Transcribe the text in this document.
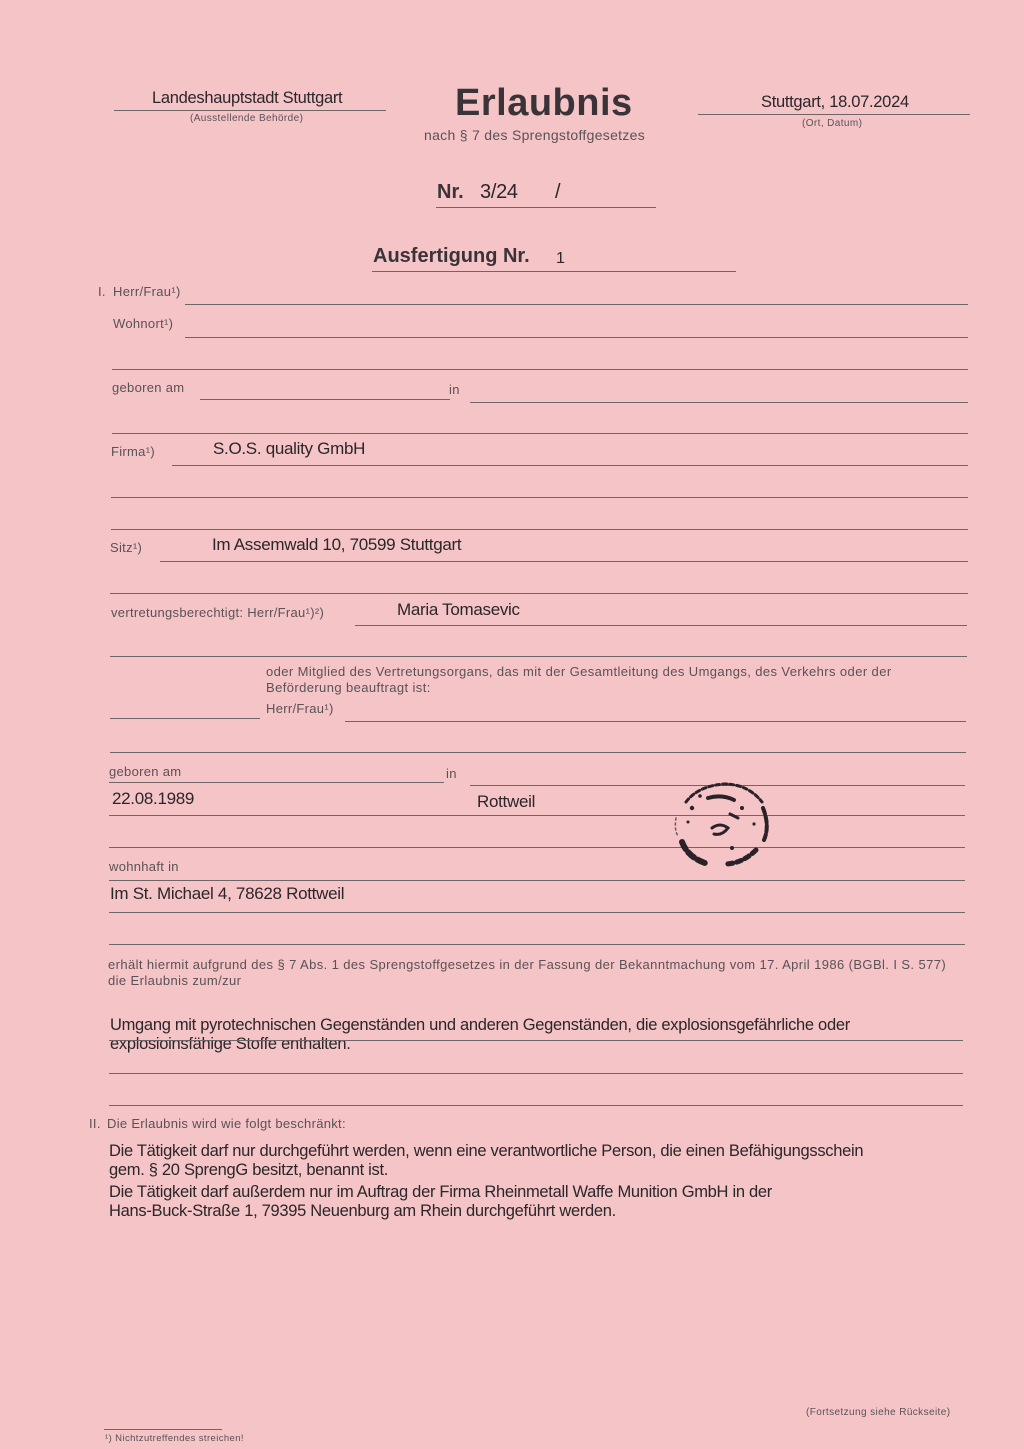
Landeshauptstadt Stuttgart
(Ausstellende Behörde)	Erlaubnis
nach § 7 des Sprengstoffgesetzes
Stuttgart, 18.07.2024
(Ort, Datum)
Nr. 3/24 /
Ausfertigung Nr. 1
I. Herr/Frau¹)
Wohnort¹)
geboren am	in
Firma¹)	S.O.S. quality GmbH
Sitz¹)	Im Assemwald 10, 70599 Stuttgart
vertretungsberechtigt: Herr/Frau¹)²)	Maria Tomasevic
oder Mitglied des Vertretungsorgans, das mit der Gesamtleitung des Umgangs, des Verkehrs oder der Beförderung beauftragt ist:
Herr/Frau¹)
geboren am	in
22.08.1989	Rottweil
wohnhaft in
Im St. Michael 4, 78628 Rottweil
erhält hiermit aufgrund des § 7 Abs. 1 des Sprengstoffgesetzes in der Fassung der Bekanntmachung vom 17. April 1986 (BGBl. I S. 577) die Erlaubnis zum/zur
Umgang mit pyrotechnischen Gegenständen und anderen Gegenständen, die explosionsgefährliche oder explosioinsfähige Stoffe enthalten.
II. Die Erlaubnis wird wie folgt beschränkt:
Die Tätigkeit darf nur durchgeführt werden, wenn eine verantwortliche Person, die einen Befähigungsschein
gem. § 20 SprengG besitzt, benannt ist.
Die Tätigkeit darf außerdem nur im Auftrag der Firma Rheinmetall Waffe Munition GmbH in der
Hans-Buck-Straße 1, 79395 Neuenburg am Rhein durchgeführt werden.
(Fortsetzung siehe Rückseite)
¹) Nichtzutreffendes streichen!
